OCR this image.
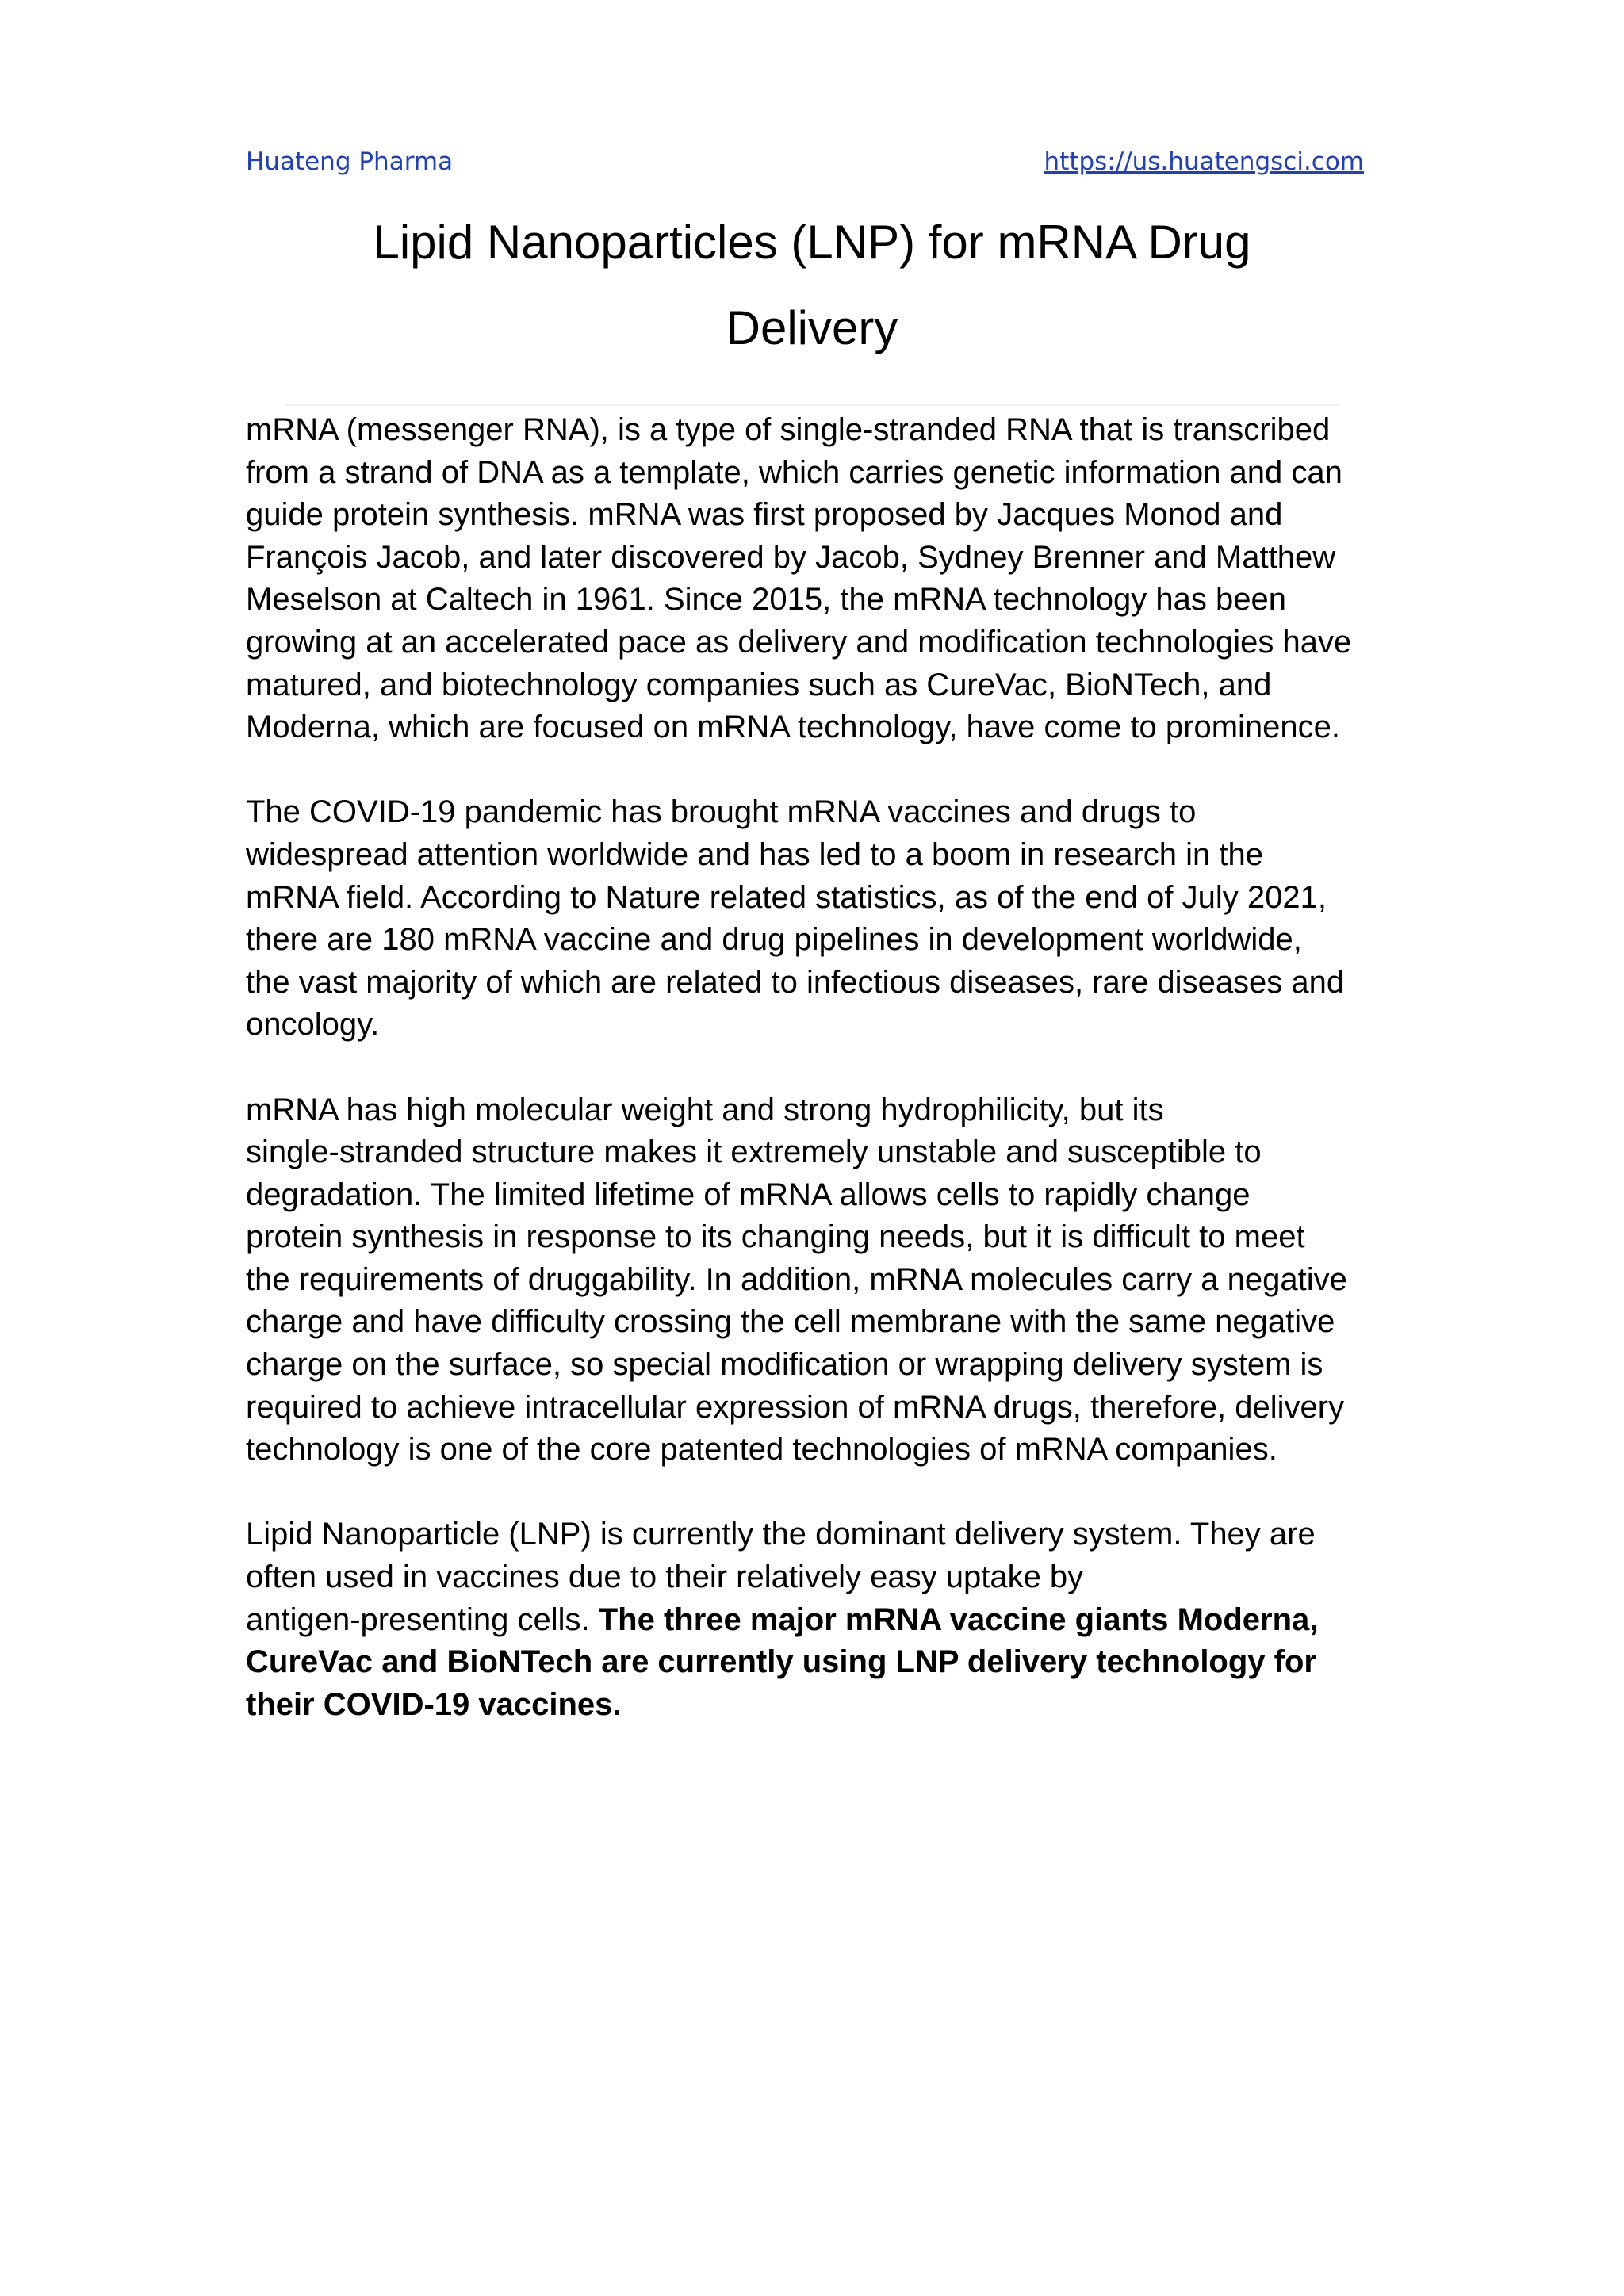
Huateng Pharma	https://us.huatengsci.com
Lipid Nanoparticles (LNP) for mRNA Drug
Delivery

mRNA (messenger RNA), is a type of single-stranded RNA that is transcribed
from a strand of DNA as a template, which carries genetic information and can
guide protein synthesis. mRNA was first proposed by Jacques Monod and
François Jacob, and later discovered by Jacob, Sydney Brenner and Matthew
Meselson at Caltech in 1961. Since 2015, the mRNA technology has been
growing at an accelerated pace as delivery and modification technologies have
matured, and biotechnology companies such as CureVac, BioNTech, and
Moderna, which are focused on mRNA technology, have come to prominence.

The COVID-19 pandemic has brought mRNA vaccines and drugs to
widespread attention worldwide and has led to a boom in research in the
mRNA field. According to Nature related statistics, as of the end of July 2021,
there are 180 mRNA vaccine and drug pipelines in development worldwide,
the vast majority of which are related to infectious diseases, rare diseases and
oncology.

mRNA has high molecular weight and strong hydrophilicity, but its
single-stranded structure makes it extremely unstable and susceptible to
degradation. The limited lifetime of mRNA allows cells to rapidly change
protein synthesis in response to its changing needs, but it is difficult to meet
the requirements of druggability. In addition, mRNA molecules carry a negative
charge and have difficulty crossing the cell membrane with the same negative
charge on the surface, so special modification or wrapping delivery system is
required to achieve intracellular expression of mRNA drugs, therefore, delivery
technology is one of the core patented technologies of mRNA companies.

Lipid Nanoparticle (LNP) is currently the dominant delivery system. They are
often used in vaccines due to their relatively easy uptake by
antigen-presenting cells. The three major mRNA vaccine giants Moderna,
CureVac and BioNTech are currently using LNP delivery technology for
their COVID-19 vaccines.
